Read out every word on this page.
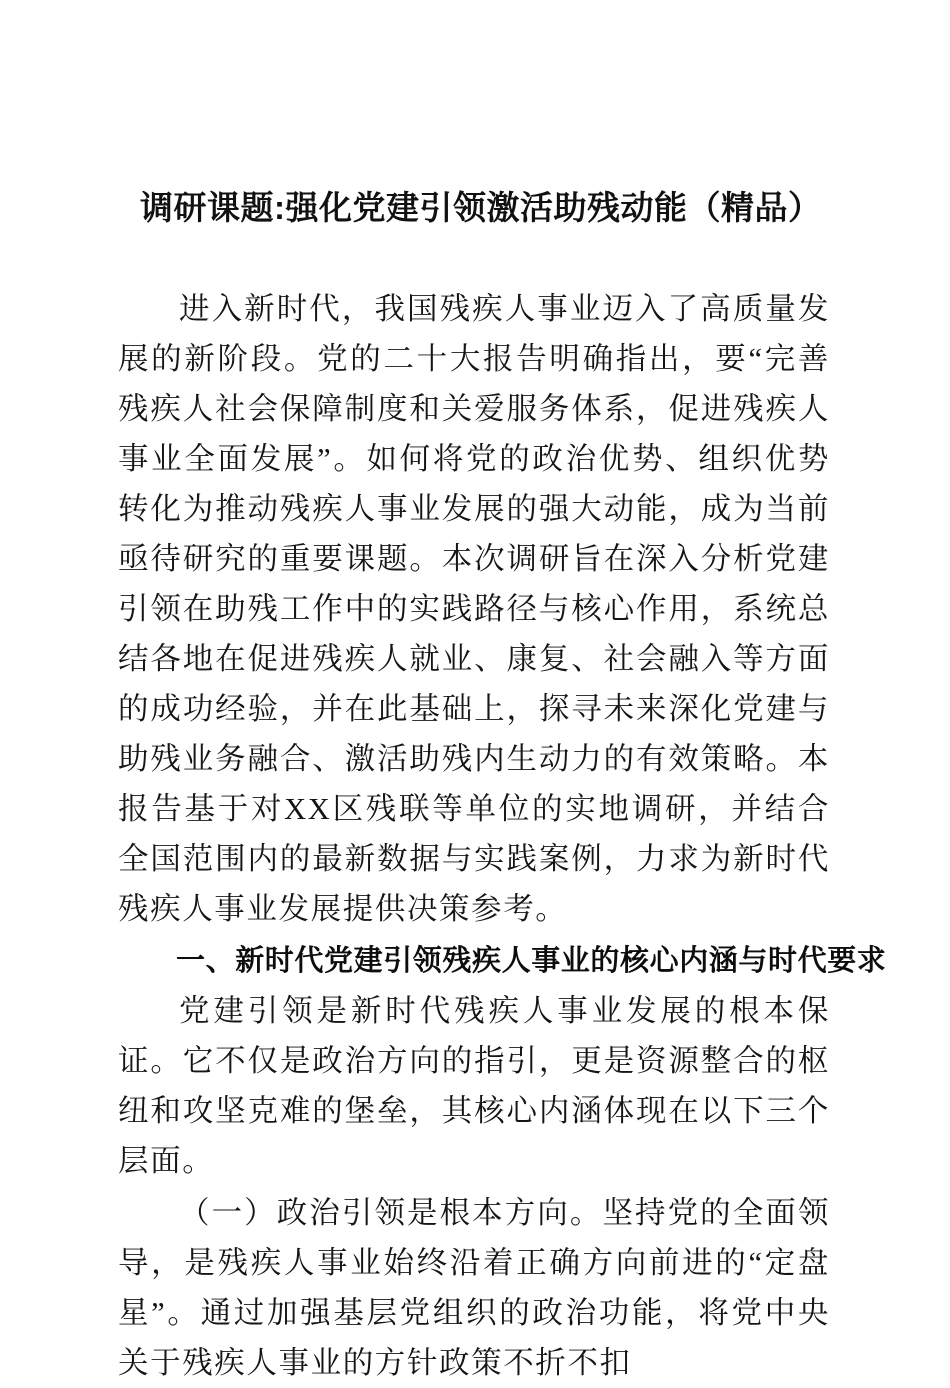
调研课题:强化党建引领激活助残动能（精品）

进入新时代，我国残疾人事业迈入了高质量发展的新阶段。党的二十大报告明确指出，要“完善残疾人社会保障制度和关爱服务体系，促进残疾人事业全面发展”。如何将党的政治优势、组织优势转化为推动残疾人事业发展的强大动能，成为当前亟待研究的重要课题。本次调研旨在深入分析党建引领在助残工作中的实践路径与核心作用，系统总结各地在促进残疾人就业、康复、社会融入等方面的成功经验，并在此基础上，探寻未来深化党建与助残业务融合、激活助残内生动力的有效策略。本报告基于对XX区残联等单位的实地调研，并结合全国范围内的最新数据与实践案例，力求为新时代残疾人事业发展提供决策参考。

一、新时代党建引领残疾人事业的核心内涵与时代要求

党建引领是新时代残疾人事业发展的根本保证。它不仅是政治方向的指引，更是资源整合的枢纽和攻坚克难的堡垒，其核心内涵体现在以下三个层面。

（一）政治引领是根本方向。坚持党的全面领导，是残疾人事业始终沿着正确方向前进的“定盘星”。通过加强基层党组织的政治功能，将党中央关于残疾人事业的方针政策不折不扣
